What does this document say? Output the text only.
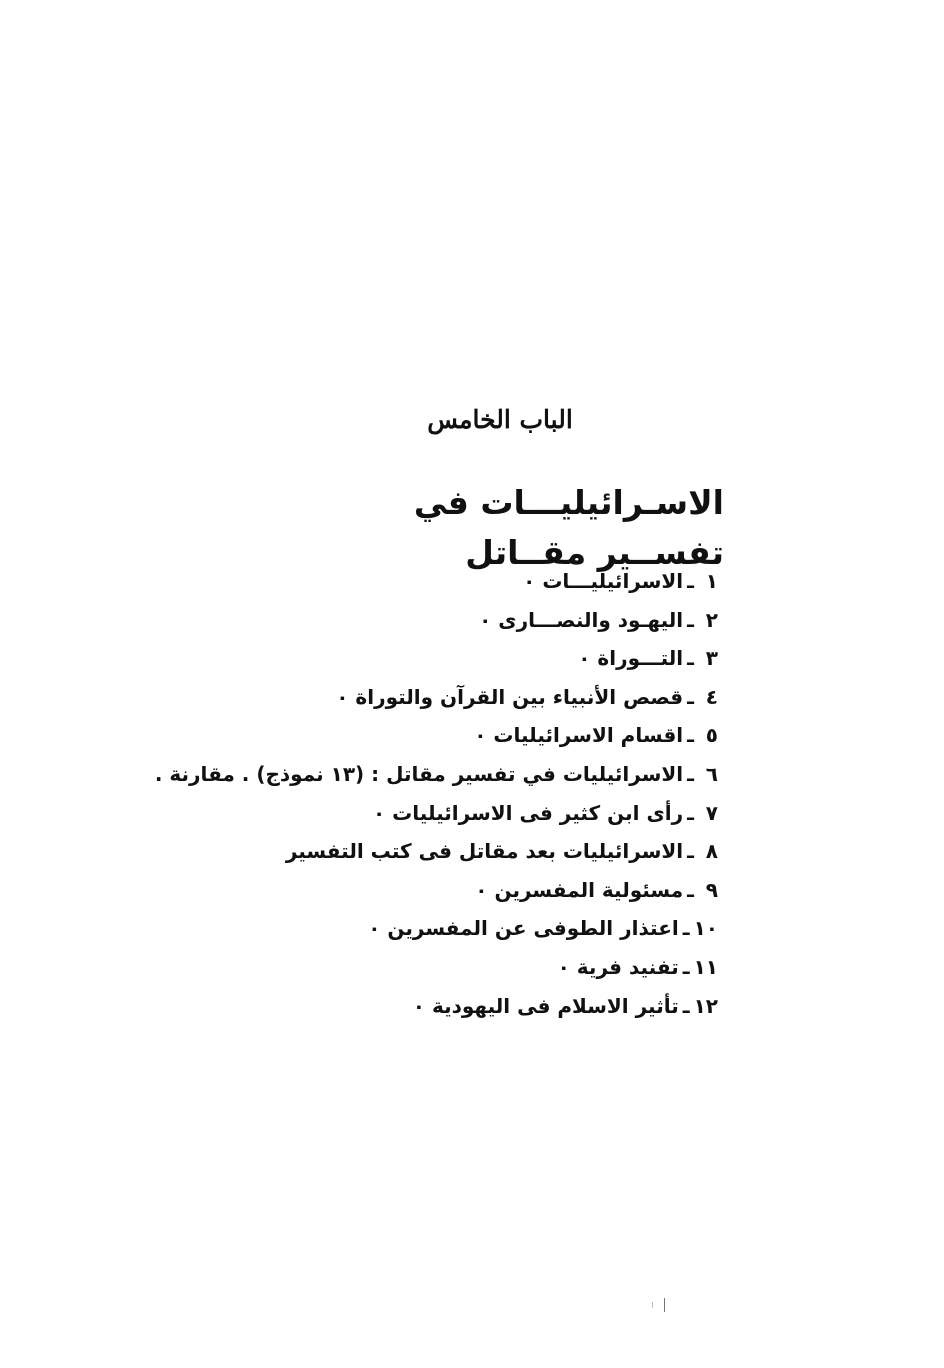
الباب الخامس
الاسـرائيليـــات في تفســير مقــاتل
١ـالاسرائيليـــات ٠
٢ـاليهـود والنصـــارى ٠
٣ـالتـــوراة ٠
٤ـقصص الأنبياء بين القرآن والتوراة ٠
٥ـاقسام الاسرائيليات ٠
٦ـالاسرائيليات في تفسير مقاتل : (١٣ نموذج) . مقارنة .
٧ـرأى ابن كثير فى الاسرائيليات ٠
٨ـالاسرائيليات بعد مقاتل فى كتب التفسير
٩ـمسئولية المفسرين ٠
١٠ـاعتذار الطوفى عن المفسرين ٠
١١ـتفنيد فرية ٠
١٢ـتأثير الاسلام فى اليهودية ٠
